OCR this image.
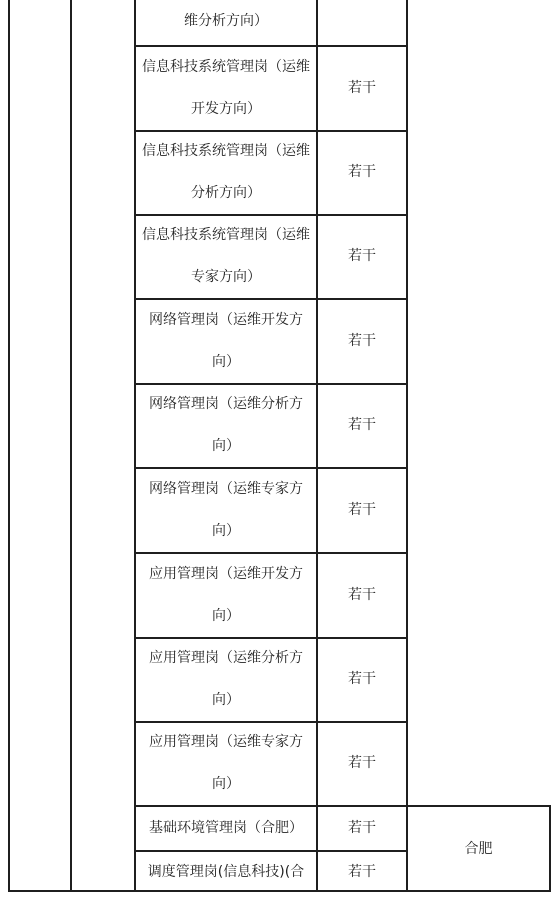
维分析方向）
信息科技系统管理岗（运维开发方向）
若干
信息科技系统管理岗（运维分析方向）
若干
信息科技系统管理岗（运维专家方向）
若干
网络管理岗（运维开发方向）
若干
网络管理岗（运维分析方向）
若干
网络管理岗（运维专家方向）
若干
应用管理岗（运维开发方向）
若干
应用管理岗（运维分析方向）
若干
应用管理岗（运维专家方向）
若干
基础环境管理岗（合肥）	若干
调度管理岗(信息科技)(合	若干
合肥
